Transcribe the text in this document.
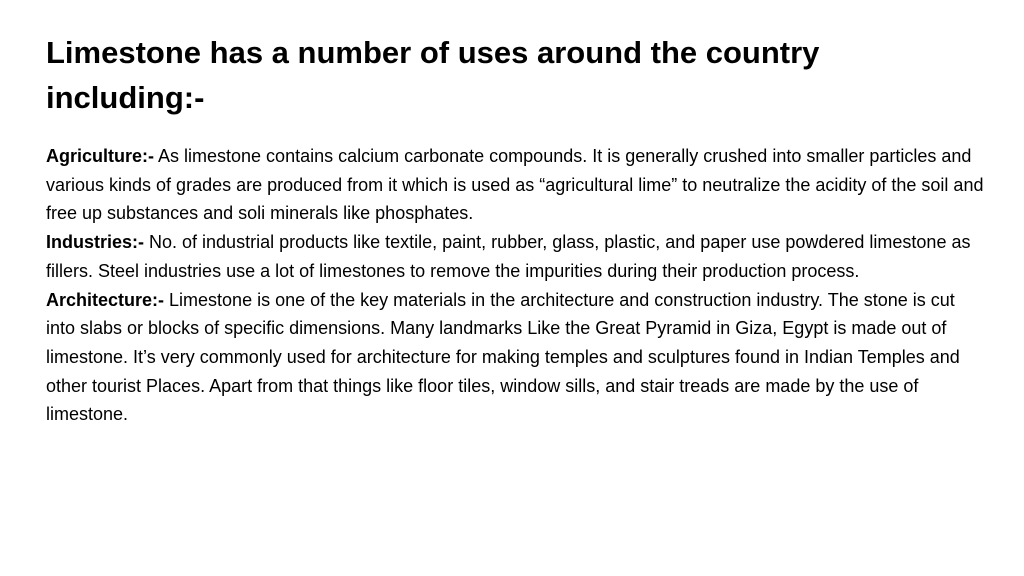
Limestone has a number of uses around the country including:-

Agriculture:- As limestone contains calcium carbonate compounds. It is generally crushed into smaller particles and various kinds of grades are produced from it which is used as “agricultural lime” to neutralize the acidity of the soil and free up substances and soli minerals like phosphates.

Industries:- No. of industrial products like textile, paint, rubber, glass, plastic, and paper use powdered limestone as fillers. Steel industries use a lot of limestones to remove the impurities during their production process.

Architecture:- Limestone is one of the key materials in the architecture and construction industry. The stone is cut into slabs or blocks of specific dimensions. Many landmarks Like the Great Pyramid in Giza, Egypt is made out of limestone. It’s very commonly used for architecture for making temples and sculptures found in Indian Temples and other tourist Places. Apart from that things like floor tiles, window sills, and stair treads are made by the use of limestone.
